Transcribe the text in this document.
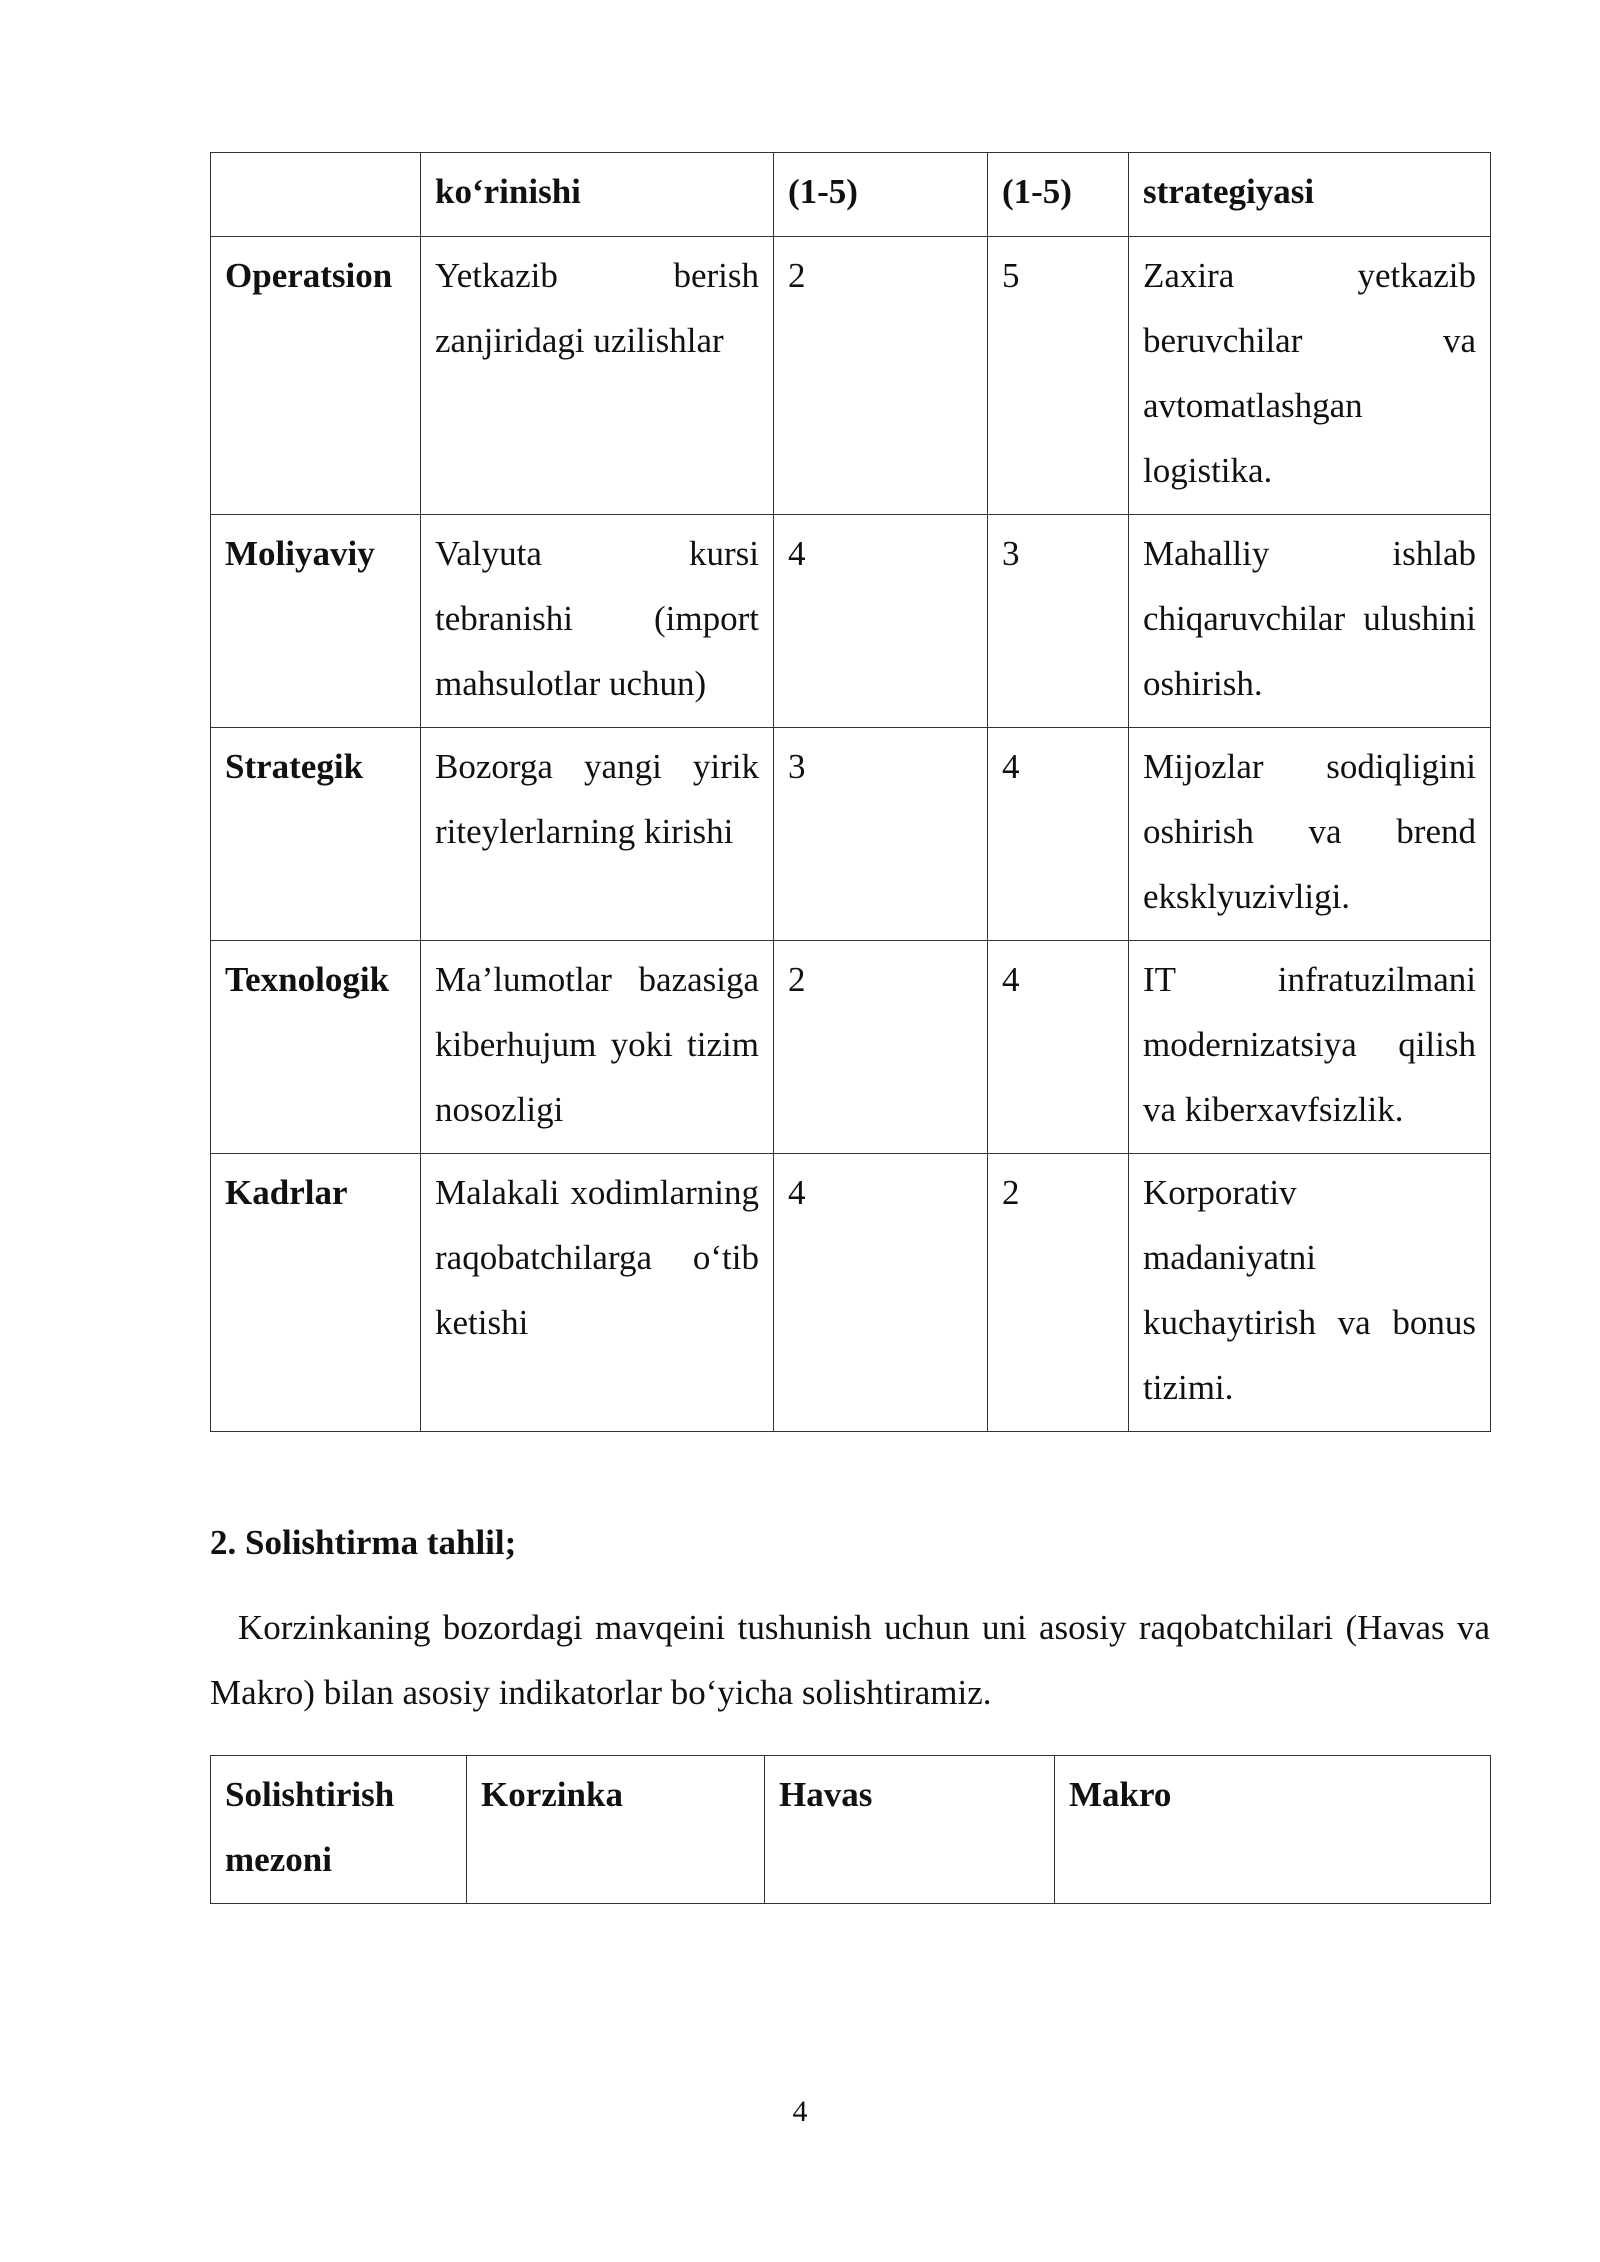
	ko‘rinishi	(1-5)	(1-5)	strategiyasi
Operatsion	Yetkazib berish zanjiridagi uzilishlar	2	5	Zaxira yetkazib beruvchilar va avtomatlashgan logistika.
Moliyaviy	Valyuta kursi tebranishi (import mahsulotlar uchun)	4	3	Mahalliy ishlab chiqaruvchilar ulushini oshirish.
Strategik	Bozorga yangi yirik riteylerlarning kirishi	3	4	Mijozlar sodiqligini oshirish va brend eksklyuzivligi.
Texnologik	Ma’lumotlar bazasiga kiberhujum yoki tizim nosozligi	2	4	IT infratuzilmani modernizatsiya qilish va kiberxavfsizlik.
Kadrlar	Malakali xodimlarning raqobatchilarga o‘tib ketishi	4	2	Korporativ madaniyatni kuchaytirish va bonus tizimi.
2. Solishtirma tahlil;
Korzinkaning bozordagi mavqeini tushunish uchun uni asosiy raqobatchilari (Havas va Makro) bilan asosiy indikatorlar bo‘yicha solishtiramiz.
Solishtirish mezoni	Korzinka	Havas	Makro
4
